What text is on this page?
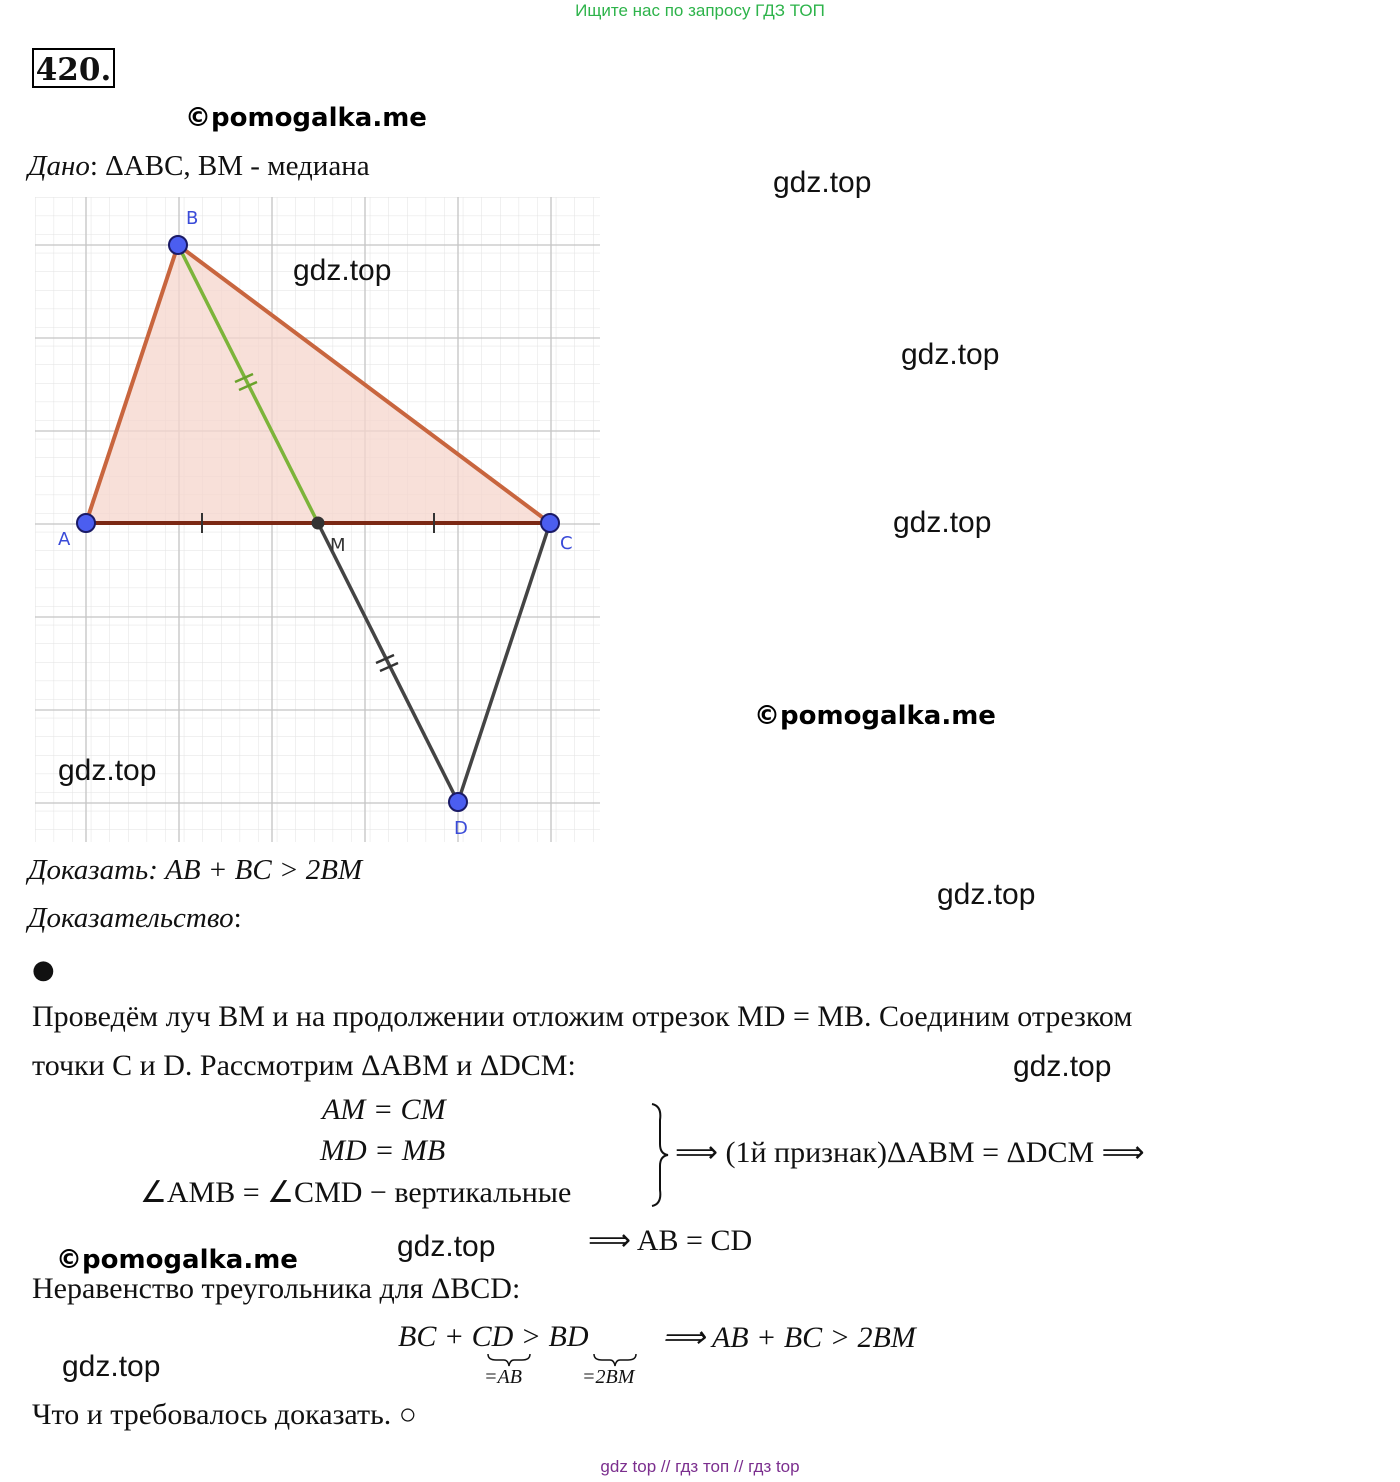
Ищите нас по запросу ГДЗ ТОП
420.
©pomogalka.me
Дано: ΔABC, BM - медиана	gdz.top
B
A	C
D
M
gdz.top
gdz.top
gdz.top
©pomogalka.me
gdz.top
Доказать: AB + BC > 2BM
gdz.top
Доказательство:
●
Проведём луч BM и на продолжении отложим отрезок MD = MB. Соединим отрезком
точки C и D. Рассмотрим ΔABM и ΔDCM:	gdz.top
AM = CM
MD = MB
∠AMB = ∠CMD − вертикальные
⟹ (1й признак)ΔABM = ΔDCM ⟹
©pomogalka.me	gdz.top	⟹ AB = CD
Неравенство треугольника для ΔBCD:
BC + CD > BD
=AB	=2BM
⟹ AB + BC > 2BM
gdz.top
Что и требовалось доказать. ○
gdz top // гдз топ // гдз top
